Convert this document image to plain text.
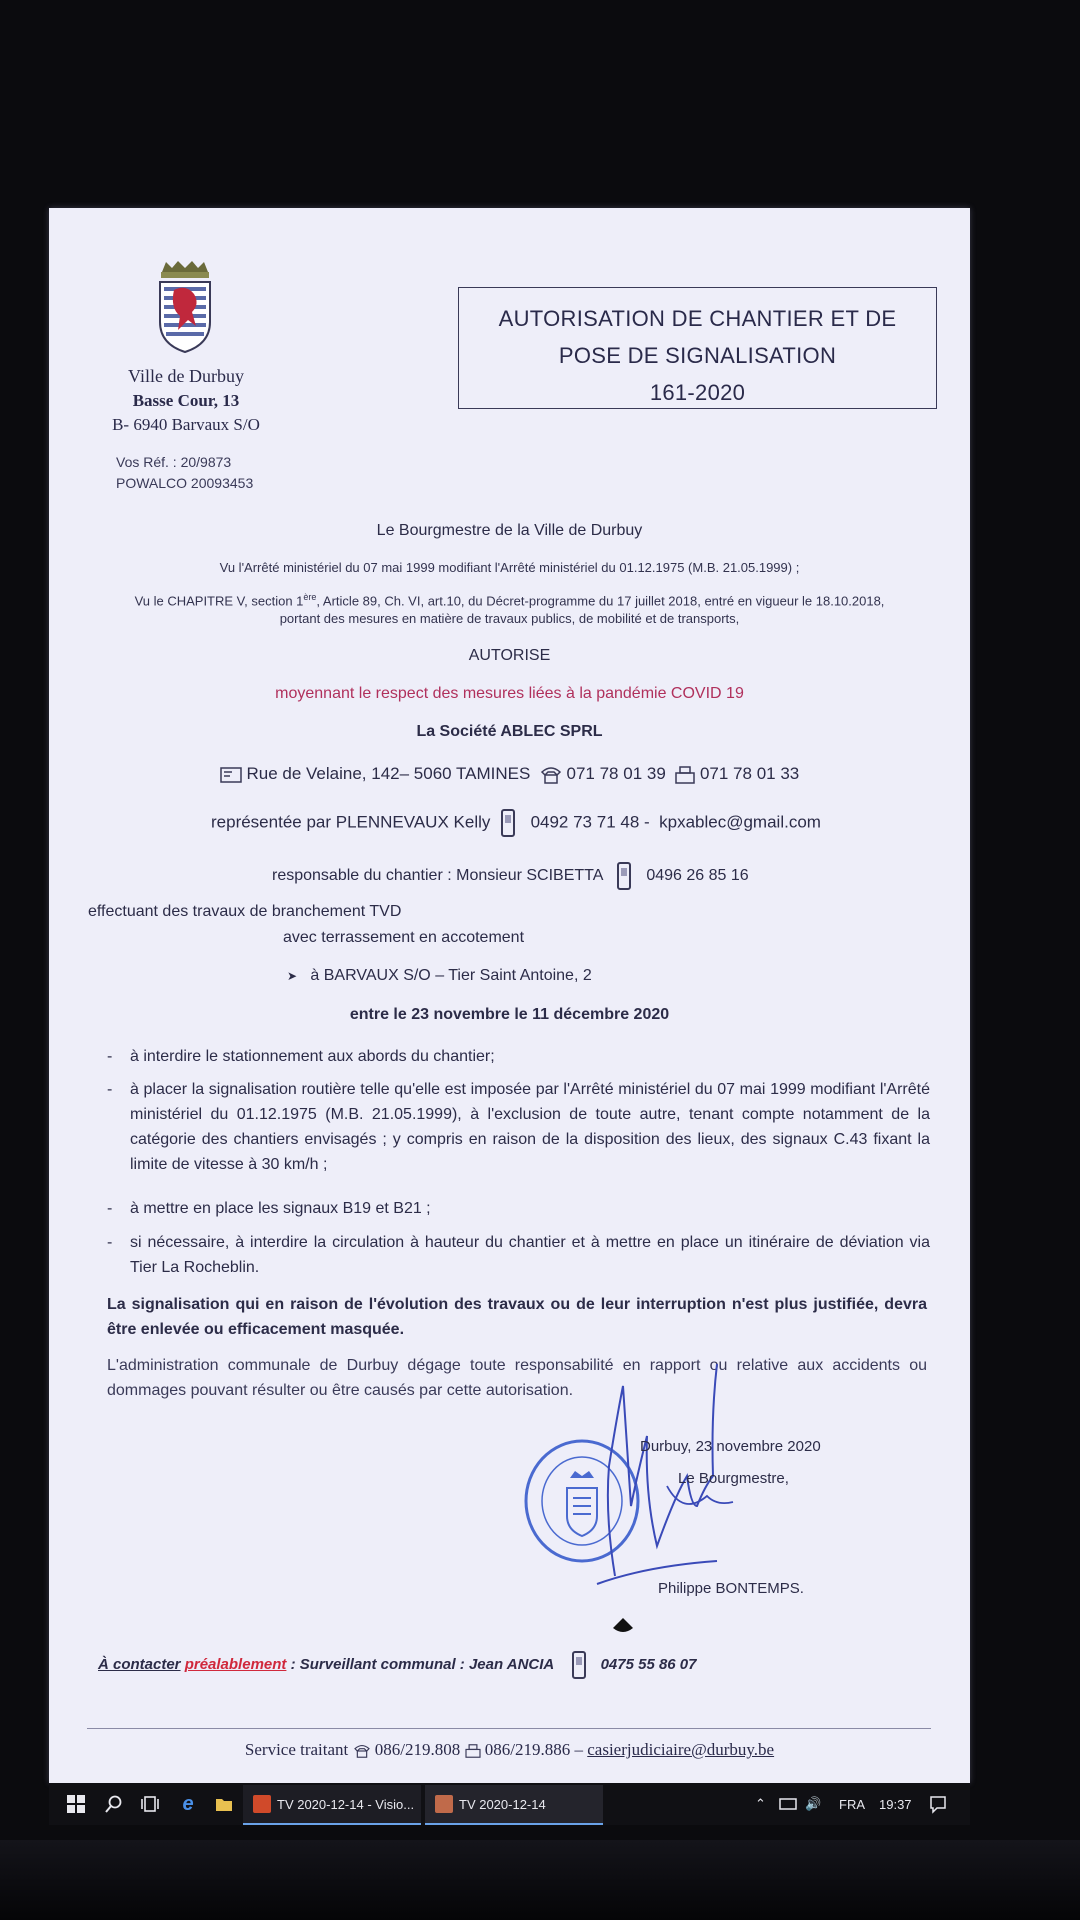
Ville de Durbuy
Basse Cour, 13
B- 6940 Barvaux S/O
Vos Réf. : 20/9873
POWALCO 20093453
AUTORISATION DE CHANTIER ET DE
POSE DE SIGNALISATION
161-2020
Le Bourgmestre de la Ville de Durbuy
Vu l'Arrêté ministériel du 07 mai 1999 modifiant l'Arrêté ministériel du 01.12.1975 (M.B. 21.05.1999) ;
Vu le CHAPITRE V, section 1ère, Article 89, Ch. VI, art.10, du Décret-programme du 17 juillet 2018, entré en vigueur le 18.10.2018,
portant des mesures en matière de travaux publics, de mobilité et de transports,
AUTORISE
moyennant le respect des mesures liées à la pandémie COVID 19
La Société ABLEC SPRL
Rue de Velaine, 142– 5060 TAMINES 071 78 01 39 071 78 01 33
représentée par PLENNEVAUX Kelly 0492 73 71 48 - kpxablec@gmail.com
responsable du chantier : Monsieur SCIBETTA	0496 26 85 16
effectuant des travaux de branchement TVD
avec terrassement en accotement
➤ à BARVAUX S/O – Tier Saint Antoine, 2
entre le 23 novembre le 11 décembre 2020
- à interdire le stationnement aux abords du chantier;
- à placer la signalisation routière telle qu'elle est imposée par l'Arrêté ministériel du 07 mai 1999 modifiant l'Arrêté ministériel du 01.12.1975 (M.B. 21.05.1999), à l'exclusion de toute autre, tenant compte notamment de la catégorie des chantiers envisagés ; y compris en raison de la disposition des lieux, des signaux C.43 fixant la limite de vitesse à 30 km/h ;
- à mettre en place les signaux B19 et B21 ;
- si nécessaire, à interdire la circulation à hauteur du chantier et à mettre en place un itinéraire de déviation via Tier La Rocheblin.
La signalisation qui en raison de l'évolution des travaux ou de leur interruption n'est plus justifiée, devra être enlevée ou efficacement masquée.
L'administration communale de Durbuy dégage toute responsabilité en rapport ou relative aux accidents ou dommages pouvant résulter ou être causés par cette autorisation.
Durbuy, 23 novembre 2020
Le Bourgmestre,
Philippe BONTEMPS.
À contacter préalablement : Surveillant communal : Jean ANCIA	0475 55 86 07
Service traitant 086/219.808 086/219.886 – casierjudiciaire@durbuy.be
e	TV 2020-12-14 - Visio...	TV 2020-12-14	⌃	🔊 FRA 19:37
